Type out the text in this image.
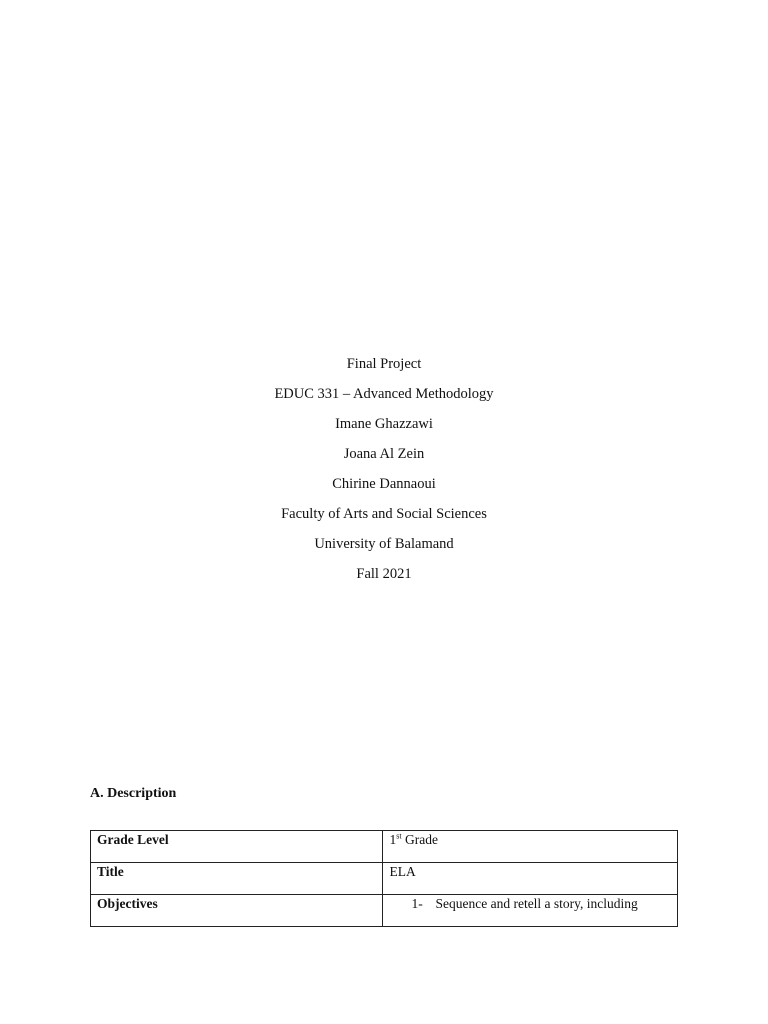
Final Project
EDUC 331 – Advanced Methodology
Imane Ghazzawi
Joana Al Zein
Chirine Dannaoui
Faculty of Arts and Social Sciences
University of Balamand
Fall 2021
A. Description
Grade Level	1st Grade
Title	ELA
Objectives	1- Sequence and retell a story, including
